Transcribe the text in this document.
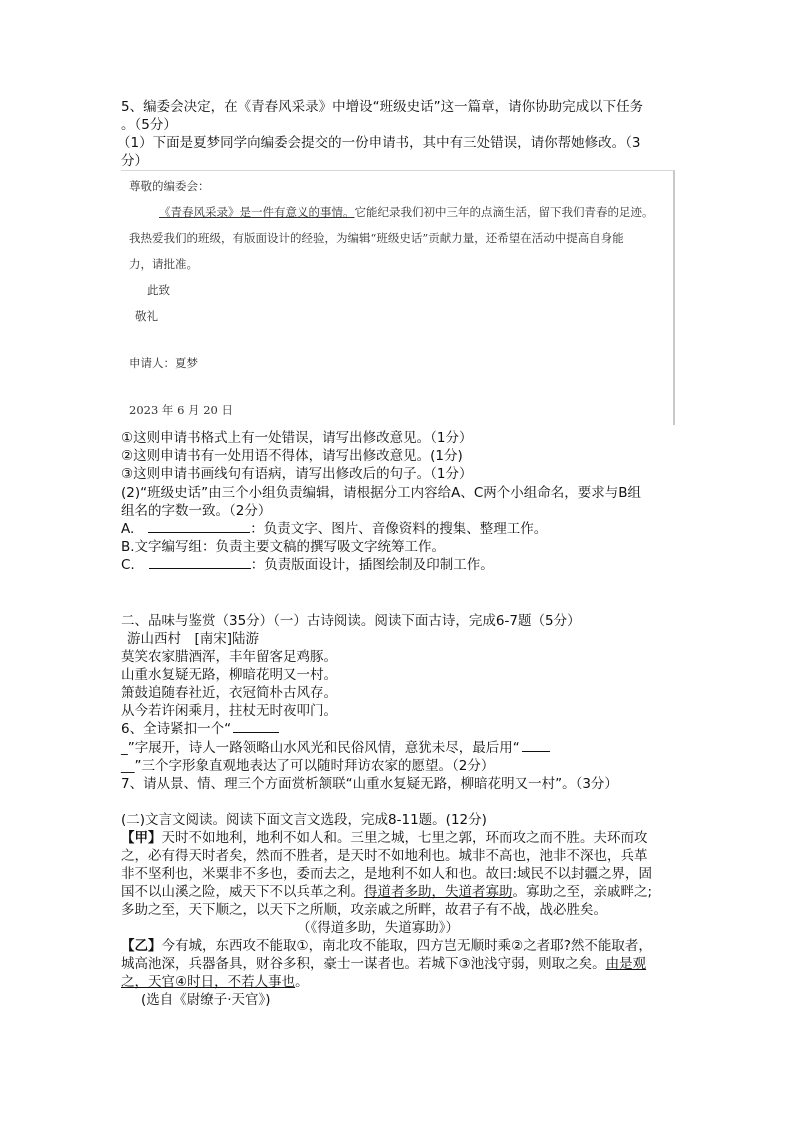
5、编委会决定，在《青春风采录》中增设“班级史话”这一篇章，请你协助完成以下任务
。（5分）
（1）下面是夏梦同学向编委会提交的一份申请书，其中有三处错误，请你帮她修改。（3
分）
尊敬的编委会：
《青春风采录》是一件有意义的事情。它能纪录我们初中三年的点滴生活，留下我们青春的足迹。
我热爱我们的班级，有版面设计的经验，为编辑“班级史话”贡献力量，还希望在活动中提高自身能
力，请批准。
此致
敬礼
申请人：夏梦
2023 年 6 月 20 日
①这则申请书格式上有一处错误，请写出修改意见。（1分）
②这则申请书有一处用语不得体，请写出修改意见。(1分)
③这则申请书画线句有语病，请写出修改后的句子。（1分）
(2)“班级史话”由三个小组负责编辑，请根据分工内容给A、C两个小组命名，要求与B组
组名的字数一致。（2分）
A.	：负责文字、图片、音像资料的搜集、整理工作。
B.文字编写组：负责主要文稿的撰写吸文字统筹工作。
C.	：负责版面设计，插图绘制及印制工作。
二、品味与鉴赏（35分）（一）古诗阅读。阅读下面古诗，完成6-7题（5分）
游山西村　[南宋]陆游
莫笑农家腊酒浑，丰年留客足鸡豚。
山重水复疑无路，柳暗花明又一村。
箫鼓追随春社近，衣冠简朴古风存。
从今若许闲乘月，拄杖无时夜叩门。
6、全诗紧扣一个“
_”字展开，诗人一路领略山水风光和民俗风情，意犹未尽，最后用“
__”三个字形象直观地表达了可以随时拜访农家的愿望。（2分）
7、请从景、情、理三个方面赏析颔联“山重水复疑无路，柳暗花明又一村”。（3分）
(二)文言文阅读。阅读下面文言文选段，完成8-11题。(12分)
【甲】天时不如地利，地利不如人和。三里之城，七里之郭，环而攻之而不胜。夫环而攻
之，必有得天时者矣，然而不胜者，是天时不如地利也。城非不高也，池非不深也，兵革
非不坚利也，米粟非不多也，委而去之，是地利不如人和也。故曰:域民不以封疆之界，固
国不以山溪之险，威天下不以兵革之利。得道者多助，失道者寡助。寡助之至，亲戚畔之;
多助之至，天下顺之，以天下之所顺，攻亲戚之所畔，故君子有不战，战必胜矣。
（《得道多助，失道寡助》）
【乙】今有城，东西攻不能取①，南北攻不能取，四方岂无顺时乘②之者耶?然不能取者，
城高池深，兵器备具，财谷多积，豪士一谋者也。若城下③池浅守弱，则取之矣。由是观
之，天官④时日，不若人事也。
(选自《尉缭子·天官》)
